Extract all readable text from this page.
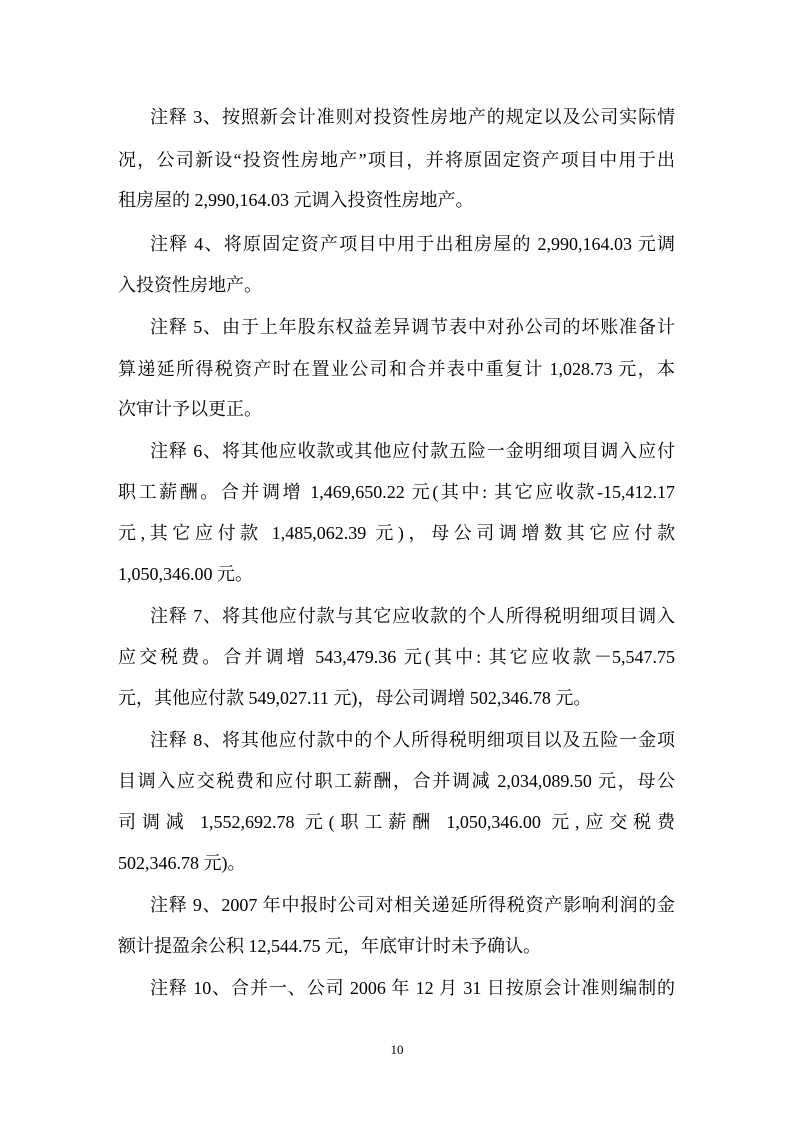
注释 3、按照新会计准则对投资性房地产的规定以及公司实际情
况，公司新设“投资性房地产”项目，并将原固定资产项目中用于出
租房屋的 2,990,164.03 元调入投资性房地产。
注释 4、将原固定资产项目中用于出租房屋的 2,990,164.03 元调
入投资性房地产。
注释 5、由于上年股东权益差异调节表中对孙公司的坏账准备计
算递延所得税资产时在置业公司和合并表中重复计 1,028.73 元，本
次审计予以更正。
注释 6、将其他应收款或其他应付款五险一金明细项目调入应付
职工薪酬。合并调增 1,469,650.22 元(其中: 其它应收款-15,412.17
元,其它应付款 1,485,062.39 元)，母公司调增数其它应付款
1,050,346.00 元。
注释 7、将其他应付款与其它应收款的个人所得税明细项目调入
应交税费。合并调增 543,479.36 元(其中: 其它应收款－5,547.75
元，其他应付款 549,027.11 元)，母公司调增 502,346.78 元。
注释 8、将其他应付款中的个人所得税明细项目以及五险一金项
目调入应交税费和应付职工薪酬，合并调减 2,034,089.50 元，母公
司调减 1,552,692.78 元(职工薪酬 1,050,346.00 元,应交税费
502,346.78 元)。
注释 9、2007 年中报时公司对相关递延所得税资产影响利润的金
额计提盈余公积 12,544.75 元，年底审计时未予确认。
注释 10、合并一、公司 2006 年 12 月 31 日按原会计准则编制的
10
